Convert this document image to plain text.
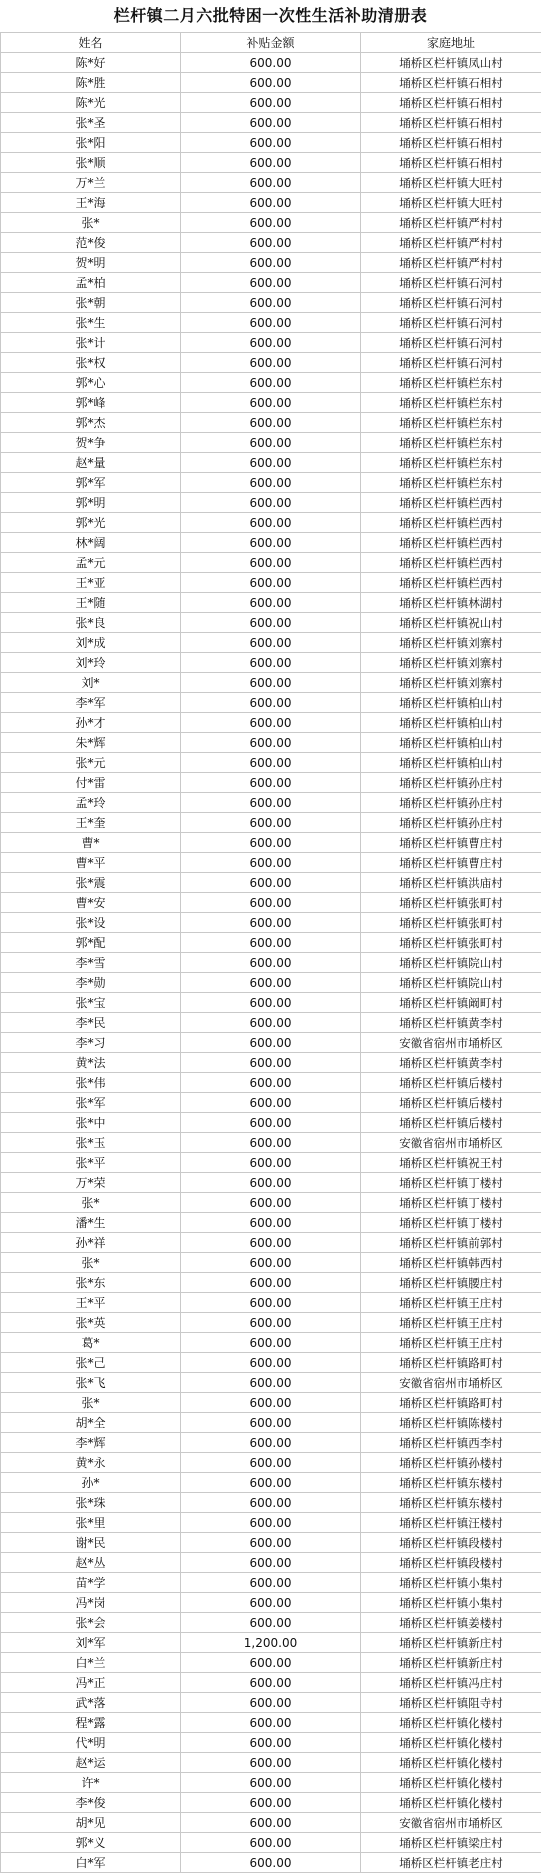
栏杆镇二月六批特困一次性生活补助清册表
姓名	补贴金额	家庭地址
陈*好	600.00	埇桥区栏杆镇凤山村
陈*胜	600.00	埇桥区栏杆镇石相村
陈*光	600.00	埇桥区栏杆镇石相村
张*圣	600.00	埇桥区栏杆镇石相村
张*阳	600.00	埇桥区栏杆镇石相村
张*顺	600.00	埇桥区栏杆镇石相村
万*兰	600.00	埇桥区栏杆镇大旺村
王*海	600.00	埇桥区栏杆镇大旺村
张*	600.00	埇桥区栏杆镇严村村
范*俊	600.00	埇桥区栏杆镇严村村
贺*明	600.00	埇桥区栏杆镇严村村
孟*柏	600.00	埇桥区栏杆镇石河村
张*朝	600.00	埇桥区栏杆镇石河村
张*生	600.00	埇桥区栏杆镇石河村
张*计	600.00	埇桥区栏杆镇石河村
张*权	600.00	埇桥区栏杆镇石河村
郭*心	600.00	埇桥区栏杆镇栏东村
郭*峰	600.00	埇桥区栏杆镇栏东村
郭*杰	600.00	埇桥区栏杆镇栏东村
贺*争	600.00	埇桥区栏杆镇栏东村
赵*量	600.00	埇桥区栏杆镇栏东村
郭*军	600.00	埇桥区栏杆镇栏东村
郭*明	600.00	埇桥区栏杆镇栏西村
郭*光	600.00	埇桥区栏杆镇栏西村
林*阔	600.00	埇桥区栏杆镇栏西村
孟*元	600.00	埇桥区栏杆镇栏西村
王*亚	600.00	埇桥区栏杆镇栏西村
王*随	600.00	埇桥区栏杆镇林湖村
张*良	600.00	埇桥区栏杆镇祝山村
刘*成	600.00	埇桥区栏杆镇刘寨村
刘*玲	600.00	埇桥区栏杆镇刘寨村
刘*	600.00	埇桥区栏杆镇刘寨村
李*军	600.00	埇桥区栏杆镇柏山村
孙*才	600.00	埇桥区栏杆镇柏山村
朱*辉	600.00	埇桥区栏杆镇柏山村
张*元	600.00	埇桥区栏杆镇柏山村
付*雷	600.00	埇桥区栏杆镇孙庄村
孟*玲	600.00	埇桥区栏杆镇孙庄村
王*奎	600.00	埇桥区栏杆镇孙庄村
曹*	600.00	埇桥区栏杆镇曹庄村
曹*平	600.00	埇桥区栏杆镇曹庄村
张*震	600.00	埇桥区栏杆镇洪庙村
曹*安	600.00	埇桥区栏杆镇张町村
张*设	600.00	埇桥区栏杆镇张町村
郭*配	600.00	埇桥区栏杆镇张町村
李*雪	600.00	埇桥区栏杆镇院山村
李*勋	600.00	埇桥区栏杆镇院山村
张*宝	600.00	埇桥区栏杆镇阚町村
李*民	600.00	埇桥区栏杆镇黄李村
李*习	600.00	安徽省宿州市埇桥区
黄*法	600.00	埇桥区栏杆镇黄李村
张*伟	600.00	埇桥区栏杆镇后楼村
张*军	600.00	埇桥区栏杆镇后楼村
张*中	600.00	埇桥区栏杆镇后楼村
张*玉	600.00	安徽省宿州市埇桥区
张*平	600.00	埇桥区栏杆镇祝王村
万*荣	600.00	埇桥区栏杆镇丁楼村
张*	600.00	埇桥区栏杆镇丁楼村
潘*生	600.00	埇桥区栏杆镇丁楼村
孙*祥	600.00	埇桥区栏杆镇前郭村
张*	600.00	埇桥区栏杆镇韩西村
张*东	600.00	埇桥区栏杆镇腰庄村
王*平	600.00	埇桥区栏杆镇王庄村
张*英	600.00	埇桥区栏杆镇王庄村
葛*	600.00	埇桥区栏杆镇王庄村
张*己	600.00	埇桥区栏杆镇路町村
张*飞	600.00	安徽省宿州市埇桥区
张*	600.00	埇桥区栏杆镇路町村
胡*全	600.00	埇桥区栏杆镇陈楼村
李*辉	600.00	埇桥区栏杆镇西李村
黄*永	600.00	埇桥区栏杆镇孙楼村
孙*	600.00	埇桥区栏杆镇东楼村
张*珠	600.00	埇桥区栏杆镇东楼村
张*里	600.00	埇桥区栏杆镇汪楼村
谢*民	600.00	埇桥区栏杆镇段楼村
赵*丛	600.00	埇桥区栏杆镇段楼村
苗*学	600.00	埇桥区栏杆镇小集村
冯*岗	600.00	埇桥区栏杆镇小集村
张*会	600.00	埇桥区栏杆镇姜楼村
刘*军	1,200.00	埇桥区栏杆镇新庄村
白*兰	600.00	埇桥区栏杆镇新庄村
冯*正	600.00	埇桥区栏杆镇冯庄村
武*落	600.00	埇桥区栏杆镇阻寺村
程*露	600.00	埇桥区栏杆镇化楼村
代*明	600.00	埇桥区栏杆镇化楼村
赵*运	600.00	埇桥区栏杆镇化楼村
许*	600.00	埇桥区栏杆镇化楼村
李*俊	600.00	埇桥区栏杆镇化楼村
胡*见	600.00	安徽省宿州市埇桥区
郭*义	600.00	埇桥区栏杆镇梁庄村
白*军	600.00	埇桥区栏杆镇老庄村
